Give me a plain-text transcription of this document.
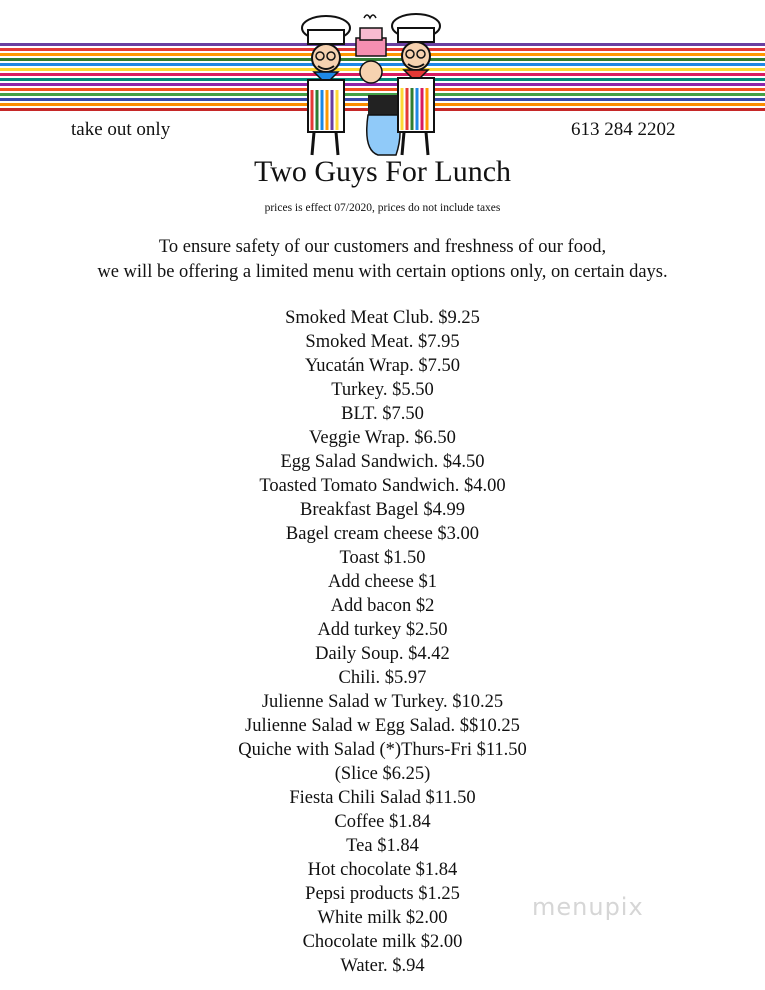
take out only	613 284 2202
Two Guys For Lunch
prices is effect 07/2020, prices do not include taxes
To ensure safety of our customers and freshness of our food,
we will be offering a limited menu with certain options only, on certain days.
Smoked Meat Club. $9.25
Smoked Meat. $7.95
Yucatán Wrap. $7.50
Turkey. $5.50
BLT. $7.50
Veggie Wrap. $6.50
Egg Salad Sandwich. $4.50
Toasted Tomato Sandwich. $4.00
Breakfast Bagel $4.99
Bagel cream cheese $3.00
Toast $1.50
Add cheese $1
Add bacon $2
Add turkey $2.50
Daily Soup. $4.42
Chili. $5.97
Julienne Salad w Turkey. $10.25
Julienne Salad w Egg Salad. $$10.25
Quiche with Salad (*)Thurs-Fri $11.50
(Slice $6.25)
Fiesta Chili Salad $11.50
Coffee $1.84
Tea $1.84
Hot chocolate $1.84
Pepsi products $1.25
White milk $2.00
Chocolate milk $2.00
Water. $.94
menupix
